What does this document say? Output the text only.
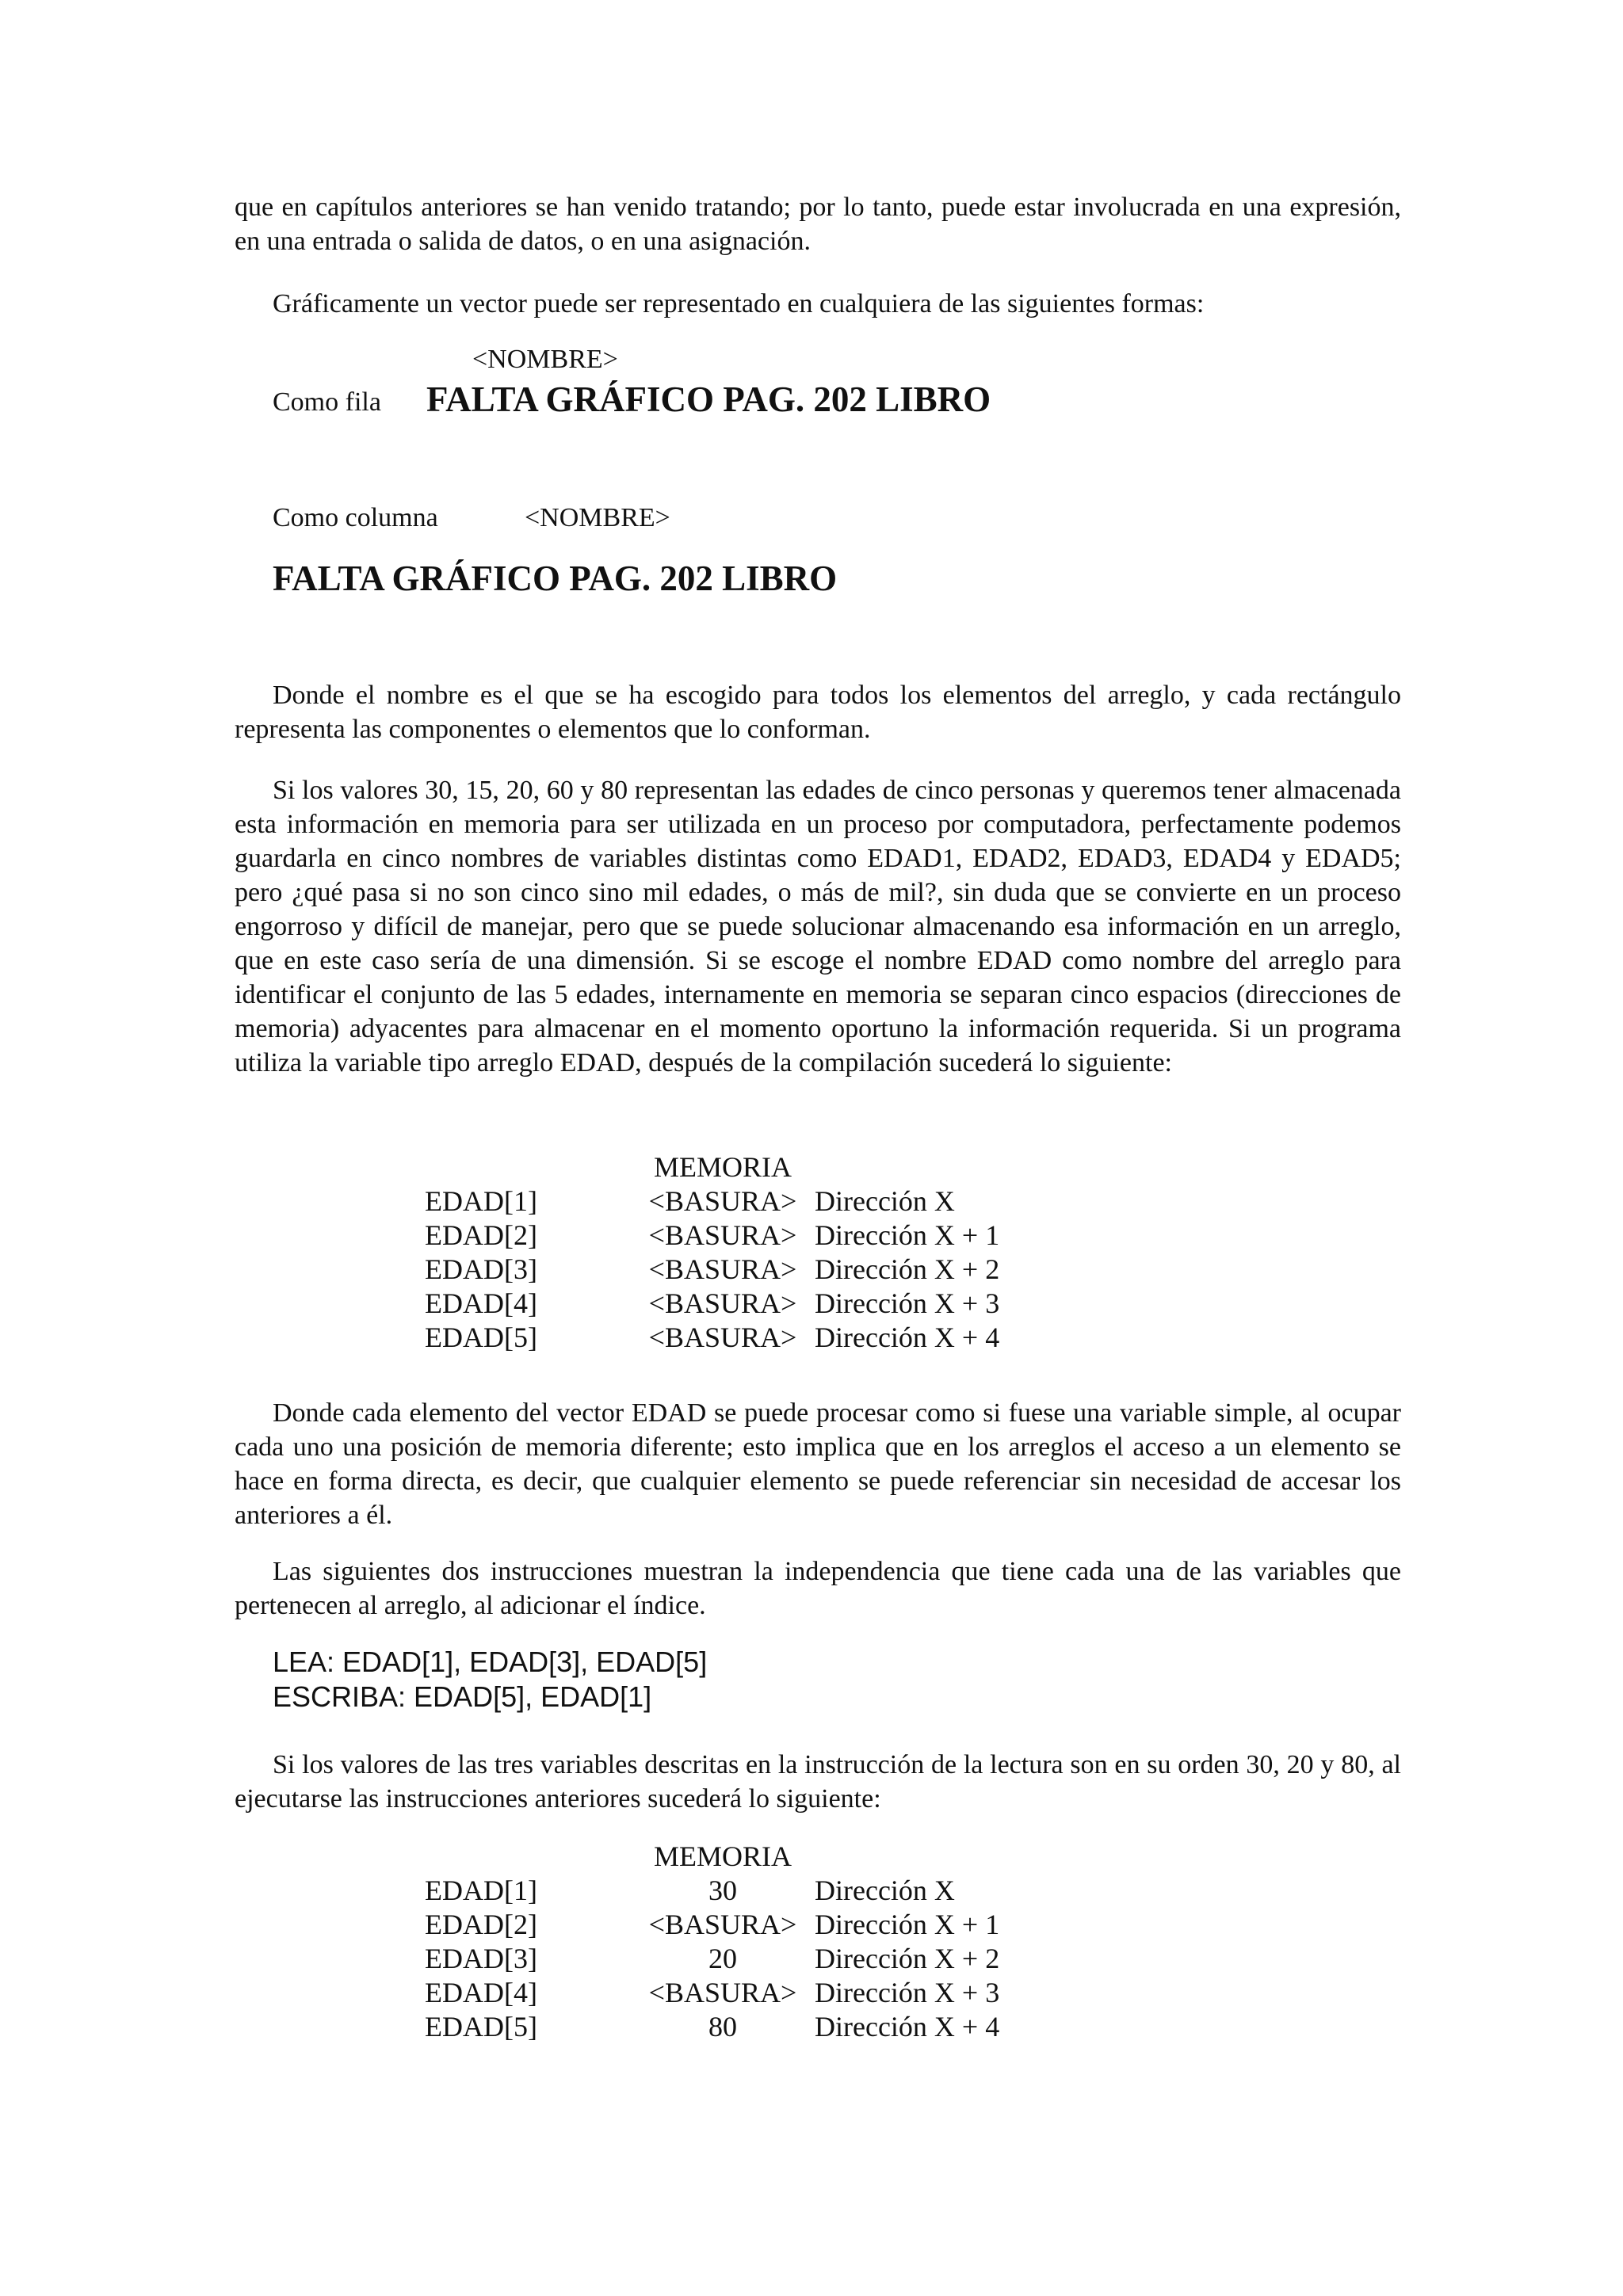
que en capítulos anteriores se han venido tratando; por lo tanto, puede estar involucrada en una expresión, en una entrada o salida de datos, o en una asignación.

Gráficamente un vector puede ser representado en cualquiera de las siguientes formas:

<NOMBRE>
Como fila FALTA GRÁFICO PAG. 202 LIBRO
Como columna	<NOMBRE>
FALTA GRÁFICO PAG. 202 LIBRO

Donde el nombre es el que se ha escogido para todos los elementos del arreglo, y cada rectángulo representa las componentes o elementos que lo conforman.

Si los valores 30, 15, 20, 60 y 80 representan las edades de cinco personas y queremos tener almacenada esta información en memoria para ser utilizada en un proceso por computadora, perfectamente podemos guardarla en cinco nombres de variables distintas como EDAD1, EDAD2, EDAD3, EDAD4 y EDAD5; pero ¿qué pasa si no son cinco sino mil edades, o más de mil?, sin duda que se convierte en un proceso engorroso y difícil de manejar, pero que se puede solucionar almacenando esa información en un arreglo, que en este caso sería de una dimensión. Si se escoge el nombre EDAD como nombre del arreglo para identificar el conjunto de las 5 edades, internamente en memoria se separan cinco espacios (direcciones de memoria) adyacentes para almacenar en el momento oportuno la información requerida. Si un programa utiliza la variable tipo arreglo EDAD, después de la compilación sucederá lo siguiente:

MEMORIA
EDAD[1]	<BASURA> Dirección X
EDAD[2]	<BASURA> Dirección X + 1
EDAD[3]	<BASURA> Dirección X + 2
EDAD[4]	<BASURA> Dirección X + 3
EDAD[5]	<BASURA> Dirección X + 4

Donde cada elemento del vector EDAD se puede procesar como si fuese una variable simple, al ocupar cada uno una posición de memoria diferente; esto implica que en los arreglos el acceso a un elemento se hace en forma directa, es decir, que cualquier elemento se puede referenciar sin necesidad de accesar los anteriores a él.

Las siguientes dos instrucciones muestran la independencia que tiene cada una de las variables que pertenecen al arreglo, al adicionar el índice.

LEA: EDAD[1], EDAD[3], EDAD[5]
ESCRIBA: EDAD[5], EDAD[1]

Si los valores de las tres variables descritas en la instrucción de la lectura son en su orden 30, 20 y 80, al ejecutarse las instrucciones anteriores sucederá lo siguiente:

MEMORIA
EDAD[1]	30	Dirección X
EDAD[2]	<BASURA> Dirección X + 1
EDAD[3]	20	Dirección X + 2
EDAD[4]	<BASURA> Dirección X + 3
EDAD[5]	80	Dirección X + 4
